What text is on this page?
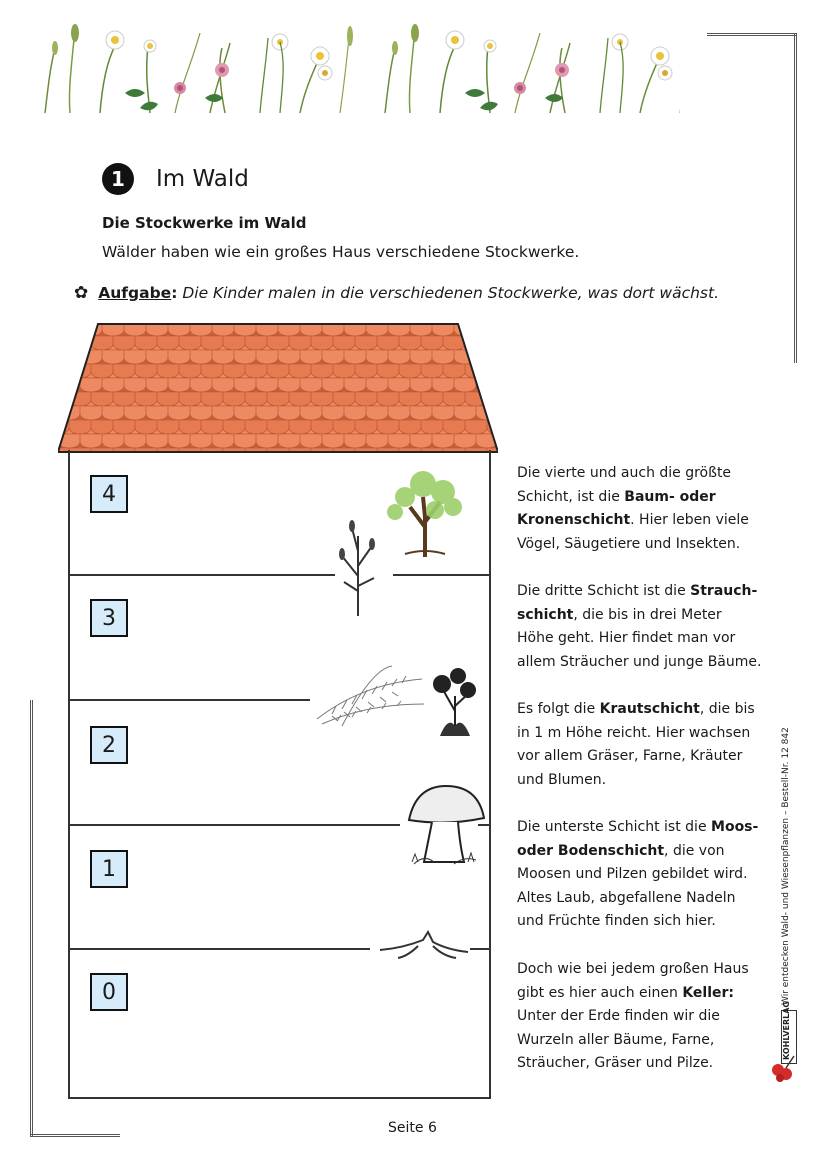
1	Im Wald
Die Stockwerke im Wald
Wälder haben wie ein großes Haus verschiedene Stockwerke.
✿ Aufgabe: Die Kinder malen in die verschiedenen Stockwerke, was dort wächst.
4
3
2
1
0
Die vierte und auch die größte Schicht, ist die Baum- oder Kronenschicht. Hier leben viele Vögel, Säugetiere und Insekten.
Die dritte Schicht ist die Strauch-schicht, die bis in drei Meter Höhe geht. Hier findet man vor allem Sträucher und junge Bäume.
Es folgt die Krautschicht, die bis in 1 m Höhe reicht. Hier wachsen vor allem Gräser, Farne, Kräuter und Blumen.
Die unterste Schicht ist die Moos- oder Bodenschicht, die von Moosen und Pilzen gebildet wird. Altes Laub, abgefallene Nadeln und Früchte finden sich hier.
Doch wie bei jedem großen Haus gibt es hier auch einen Keller: Unter der Erde finden wir die Wurzeln aller Bäume, Farne, Sträucher, Gräser und Pilze.
Wir entdecken Wald- und Wiesenpflanzen – Bestell-Nr. 12 842
KOHLVERLAG
Seite 6
